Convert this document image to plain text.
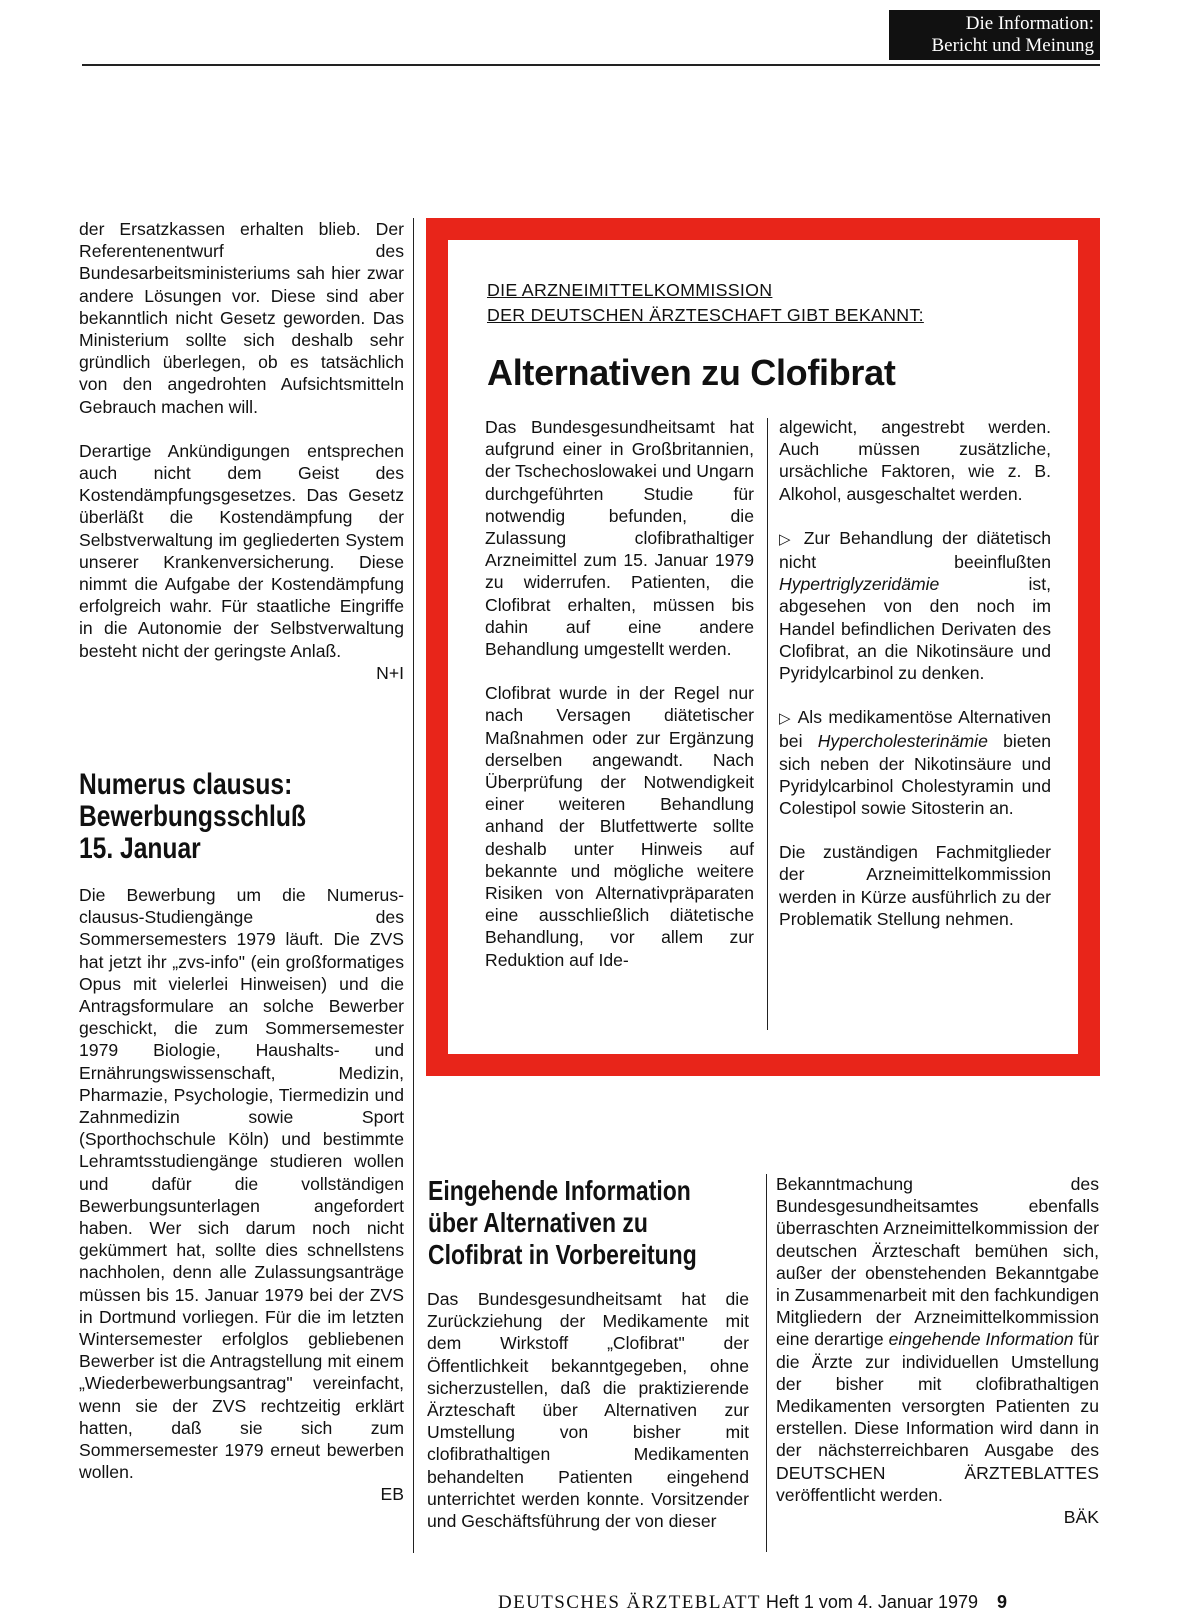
Die Information:
Bericht und Meinung

der Ersatzkassen erhalten blieb. Der Referentenentwurf des Bundesarbeitsministeriums sah hier zwar andere Lösungen vor. Diese sind aber bekanntlich nicht Gesetz geworden. Das Ministerium sollte sich deshalb sehr gründlich überlegen, ob es tatsächlich von den angedrohten Aufsichtsmitteln Gebrauch machen will.

Derartige Ankündigungen entsprechen auch nicht dem Geist des Kostendämpfungsgesetzes. Das Gesetz überläßt die Kostendämpfung der Selbstverwaltung im gegliederten System unserer Krankenversicherung. Diese nimmt die Aufgabe der Kostendämpfung erfolgreich wahr. Für staatliche Eingriffe in die Autonomie der Selbstverwaltung besteht nicht der geringste Anlaß.
N+I

Numerus clausus:
Bewerbungsschluß
15. Januar

Die Bewerbung um die Numerus-clausus-Studiengänge des Sommersemesters 1979 läuft. Die ZVS hat jetzt ihr „zvs-info" (ein großformatiges Opus mit vielerlei Hinweisen) und die Antragsformulare an solche Bewerber geschickt, die zum Sommersemester 1979 Biologie, Haushalts- und Ernährungswissenschaft, Medizin, Pharmazie, Psychologie, Tiermedizin und Zahnmedizin sowie Sport (Sporthochschule Köln) und bestimmte Lehramtsstudiengänge studieren wollen und dafür die vollständigen Bewerbungsunterlagen angefordert haben. Wer sich darum noch nicht gekümmert hat, sollte dies schnellstens nachholen, denn alle Zulassungsanträge müssen bis 15. Januar 1979 bei der ZVS in Dortmund vorliegen. Für die im letzten Wintersemester erfolglos gebliebenen Bewerber ist die Antragstellung mit einem „Wiederbewerbungsantrag" vereinfacht, wenn sie der ZVS rechtzeitig erklärt hatten, daß sie sich zum Sommersemester 1979 erneut bewerben wollen.
EB

DIE ARZNEIMITTELKOMMISSION
DER DEUTSCHEN ÄRZTESCHAFT GIBT BEKANNT:
Alternativen zu Clofibrat

Das Bundesgesundheitsamt hat aufgrund einer in Großbritannien, der Tschechoslowakei und Ungarn durchgeführten Studie für notwendig befunden, die Zulassung clofibrathaltiger Arzneimittel zum 15. Januar 1979 zu widerrufen. Patienten, die Clofibrat erhalten, müssen bis dahin auf eine andere Behandlung umgestellt werden.

Clofibrat wurde in der Regel nur nach Versagen diätetischer Maßnahmen oder zur Ergänzung derselben angewandt. Nach Überprüfung der Notwendigkeit einer weiteren Behandlung anhand der Blutfettwerte sollte deshalb unter Hinweis auf bekannte und mögliche weitere Risiken von Alternativpräparaten eine ausschließlich diätetische Behandlung, vor allem zur Reduktion auf Ide-

algewicht, angestrebt werden. Auch müssen zusätzliche, ursächliche Faktoren, wie z. B. Alkohol, ausgeschaltet werden.

▷ Zur Behandlung der diätetisch nicht beeinflußten Hypertriglyzeridämie	ist, abgesehen von den noch im Handel befindlichen Derivaten des Clofibrat, an die Nikotinsäure und Pyridylcarbinol zu denken.

▷ Als medikamentöse Alternativen bei Hypercholesterinämie bieten sich neben der Nikotinsäure und Pyridylcarbinol Cholestyramin und Colestipol sowie Sitosterin an.

Die zuständigen Fachmitglieder der Arzneimittelkommission werden in Kürze ausführlich zu der Problematik Stellung nehmen.

Eingehende Information
über Alternativen zu
Clofibrat in Vorbereitung

Das Bundesgesundheitsamt hat die Zurückziehung der Medikamente mit dem Wirkstoff „Clofibrat" der Öffentlichkeit bekanntgegeben, ohne sicherzustellen, daß die praktizierende Ärzteschaft über Alternativen zur Umstellung von bisher mit clofibrathaltigen Medikamenten behandelten Patienten eingehend unterrichtet werden konnte. Vorsitzender und Geschäftsführung der von dieser

Bekanntmachung des Bundesgesundheitsamtes ebenfalls überraschten Arzneimittelkommission der deutschen Ärzteschaft bemühen sich, außer der obenstehenden Bekanntgabe in Zusammenarbeit mit den fachkundigen Mitgliedern der Arzneimittelkommission eine derartige eingehende Information für die Ärzte zur individuellen Umstellung der bisher mit clofibrathaltigen Medikamenten versorgten Patienten zu erstellen. Diese Information wird dann in der nächsterreichbaren Ausgabe des DEUTSCHEN ÄRZTEBLATTES veröffentlicht werden.
BÄK

DEUTSCHES ÄRZTEBLATT Heft 1 vom 4. Januar 1979 9
